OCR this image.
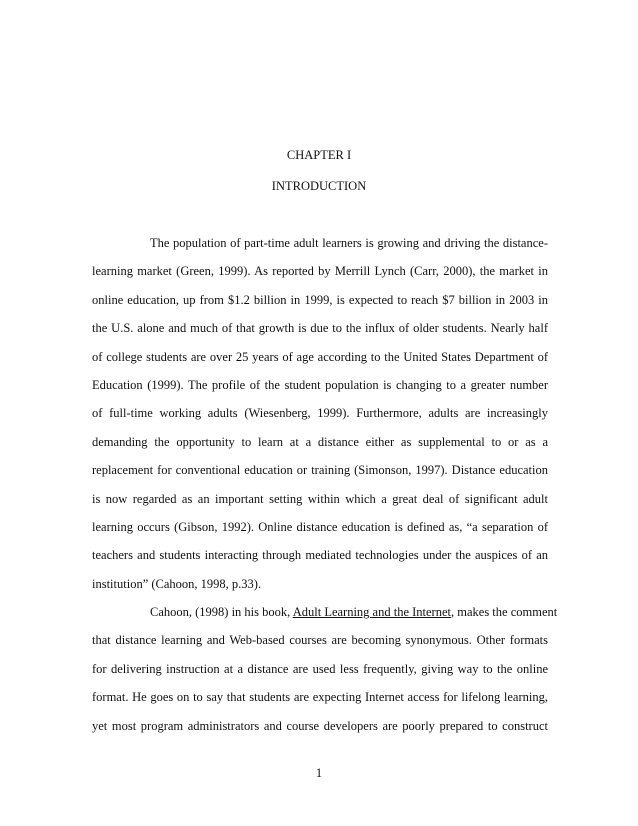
CHAPTER I
INTRODUCTION
The population of part-time adult learners is growing and driving the distance-
learning market (Green, 1999). As reported by Merrill Lynch (Carr, 2000), the market in
online education, up from $1.2 billion in 1999, is expected to reach $7 billion in 2003 in
the U.S. alone and much of that growth is due to the influx of older students. Nearly half
of college students are over 25 years of age according to the United States Department of
Education (1999). The profile of the student population is changing to a greater number
of full-time working adults (Wiesenberg, 1999). Furthermore, adults are increasingly
demanding the opportunity to learn at a distance either as supplemental to or as a
replacement for conventional education or training (Simonson, 1997). Distance education
is now regarded as an important setting within which a great deal of significant adult
learning occurs (Gibson, 1992). Online distance education is defined as, “a separation of
teachers and students interacting through mediated technologies under the auspices of an
institution” (Cahoon, 1998, p.33).
Cahoon, (1998) in his book, Adult Learning and the Internet, makes the comment
that distance learning and Web-based courses are becoming synonymous. Other formats
for delivering instruction at a distance are used less frequently, giving way to the online
format. He goes on to say that students are expecting Internet access for lifelong learning,
yet most program administrators and course developers are poorly prepared to construct
1
